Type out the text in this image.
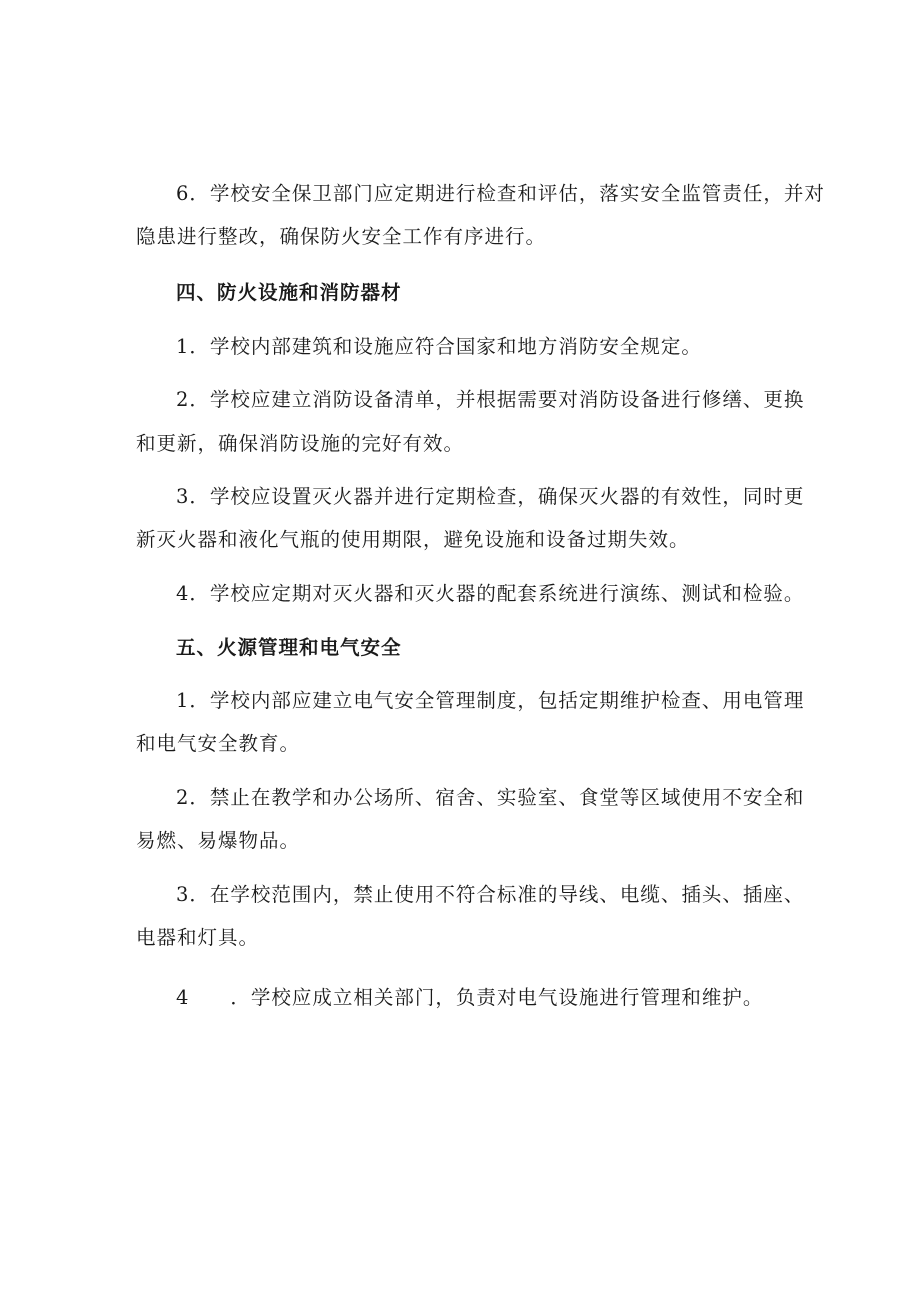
6．学校安全保卫部门应定期进行检查和评估，落实安全监管责任，并对
隐患进行整改，确保防火安全工作有序进行。
四、防火设施和消防器材
1．学校内部建筑和设施应符合国家和地方消防安全规定。
2．学校应建立消防设备清单，并根据需要对消防设备进行修缮、更换
和更新，确保消防设施的完好有效。
3．学校应设置灭火器并进行定期检查，确保灭火器的有效性，同时更
新灭火器和液化气瓶的使用期限，避免设施和设备过期失效。
4．学校应定期对灭火器和灭火器的配套系统进行演练、测试和检验。
五、火源管理和电气安全
1．学校内部应建立电气安全管理制度，包括定期维护检查、用电管理
和电气安全教育。
2．禁止在教学和办公场所、宿舍、实验室、食堂等区域使用不安全和
易燃、易爆物品。
3．在学校范围内，禁止使用不符合标准的导线、电缆、插头、插座、
电器和灯具。
4　　．学校应成立相关部门，负责对电气设施进行管理和维护。
